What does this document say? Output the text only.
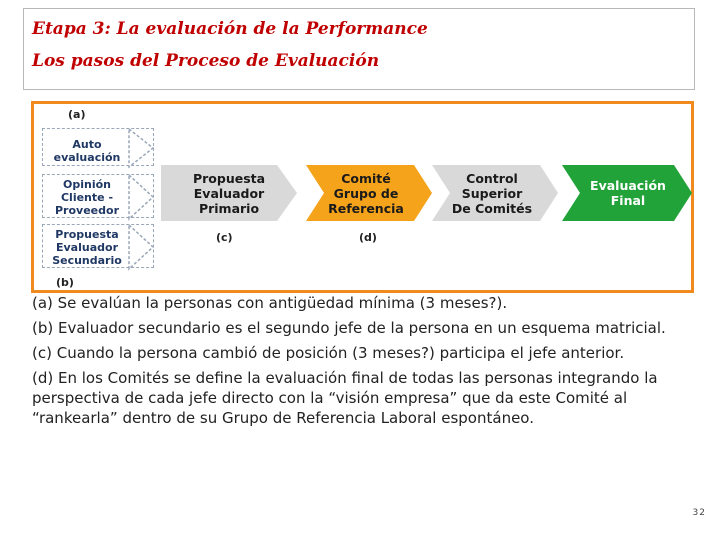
Etapa 3: La evaluación de la Performance
Los pasos del Proceso de Evaluación
(a)
(b)
Auto
evaluación
Opinión
Cliente -
Proveedor
Propuesta
Evaluador
Secundario
Propuesta
Evaluador
Primario
Comité
Grupo de
Referencia
Control
Superior
De Comités
Evaluación
Final
(c)	(d)

(a) Se evalúan la personas con antigüedad mínima (3 meses?).

(b) Evaluador secundario es el segundo jefe de la persona en un esquema matricial.

(c) Cuando la persona cambió de posición (3 meses?) participa el jefe anterior.

(d) En los Comités se define la evaluación final de todas las personas integrando la perspectiva de cada jefe directo con la “visión empresa” que da este Comité al “rankearla” dentro de su Grupo de Referencia Laboral espontáneo.

32
